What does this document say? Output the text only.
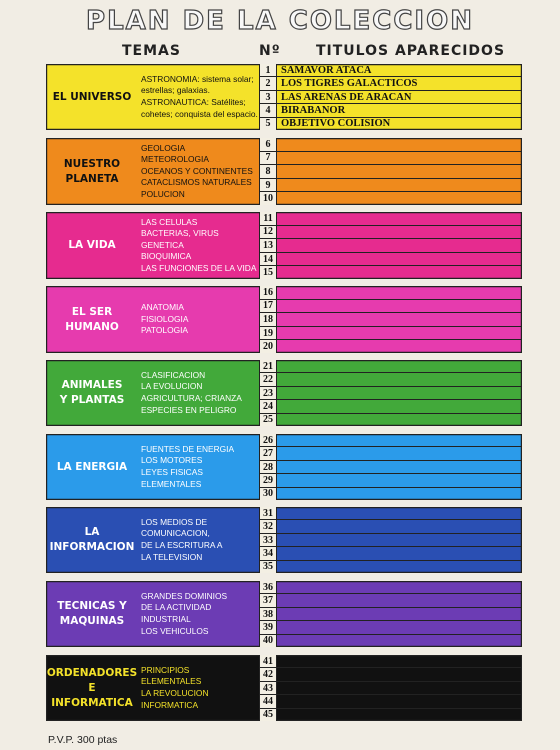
PLAN DE LA COLECCION
TEMAS	Nº	TITULOS APARECIDOS
EL UNIVERSO
ASTRONOMIA: sistema solar; estrellas; galaxias.
ASTRONAUTICA: Satélites; cohetes; conquista del espacio.
1	SAMAVOR ATACA
2	LOS TIGRES GALACTICOS
3	LAS ARENAS DE ARACAN
4	BIRABANOR
5	OBJETIVO COLISION
NUESTRO
PLANETA
GEOLOGIA
METEOROLOGIA
OCEANOS Y CONTINENTES
CATACLISMOS NATURALES
POLUCION
6
7
8
9
10
LA VIDA
LAS CELULAS
BACTERIAS, VIRUS
GENETICA
BIOQUIMICA
LAS FUNCIONES DE LA VIDA
11
12
13
14
15
EL SER
HUMANO
ANATOMIA
FISIOLOGIA
PATOLOGIA
16
17
18
19
20
ANIMALES
Y PLANTAS
CLASIFICACION
LA EVOLUCION
AGRICULTURA; CRIANZA
ESPECIES EN PELIGRO
21
22
23
24
25
LA ENERGIA
FUENTES DE ENERGIA
LOS MOTORES
LEYES FISICAS
ELEMENTALES
26
27
28
29
30
LA INFORMACION
LOS MEDIOS DE
COMUNICACION,
DE LA ESCRITURA A
LA TELEVISION
31
32
33
34
35
TECNICAS Y
MAQUINAS
GRANDES DOMINIOS
DE LA ACTIVIDAD
INDUSTRIAL
LOS VEHICULOS
36
37
38
39
40
ORDENADORES
E
INFORMATICA
PRINCIPIOS
ELEMENTALES
LA REVOLUCION
INFORMATICA
41
42
43
44
45
P.V.P. 300 ptas
